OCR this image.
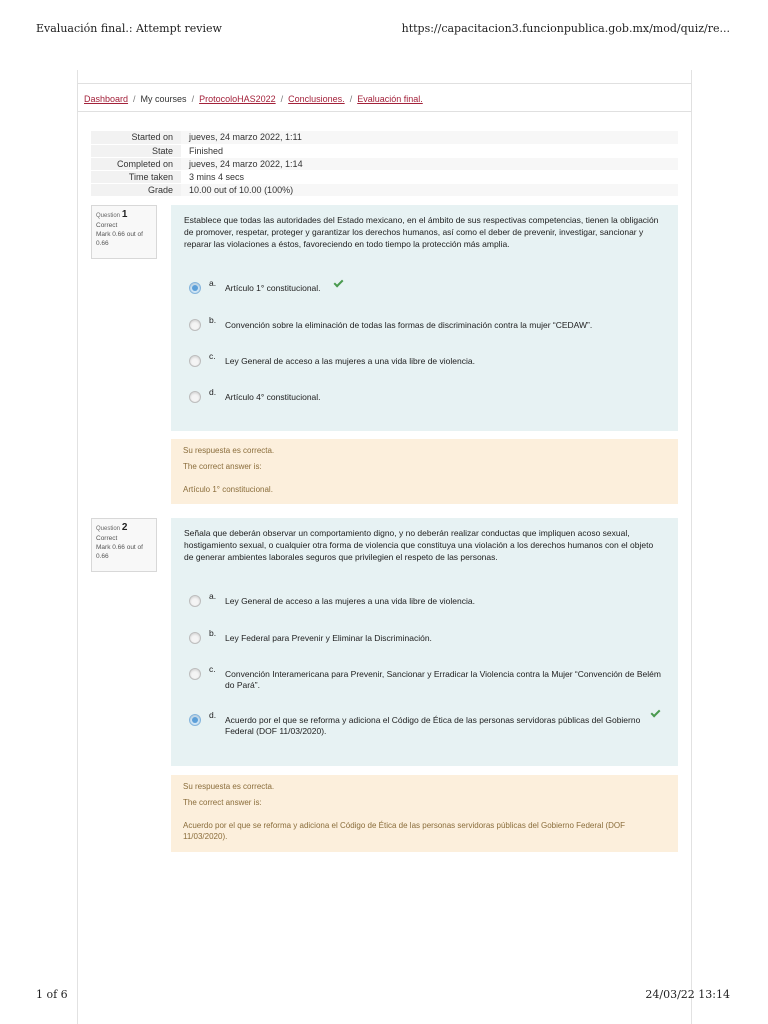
Evaluación final.: Attempt review	https://capacitacion3.funcionpublica.gob.mx/mod/quiz/re...
Dashboard / My courses / ProtocoloHAS2022 / Conclusiones. / Evaluación final.
Started on	jueves, 24 marzo 2022, 1:11
State	Finished
Completed on	jueves, 24 marzo 2022, 1:14
Time taken	3 mins 4 secs
Grade	10.00 out of 10.00 (100%)
Question 1
Correct
Mark 0.66 out of 0.66
Establece que todas las autoridades del Estado mexicano, en el ámbito de sus respectivas competencias, tienen la obligación de promover, respetar, proteger y garantizar los derechos humanos, así como el deber de prevenir, investigar, sancionar y reparar las violaciones a éstos, favoreciendo en todo tiempo la protección más amplia.
a. Artículo 1° constitucional.
b. Convención sobre la eliminación de todas las formas de discriminación contra la mujer “CEDAW”.
c. Ley General de acceso a las mujeres a una vida libre de violencia.
d. Artículo 4° constitucional.
Su respuesta es correcta.
The correct answer is:
Artículo 1° constitucional.
Question 2
Correct
Mark 0.66 out of 0.66
Señala que deberán observar un comportamiento digno, y no deberán realizar conductas que impliquen acoso sexual, hostigamiento sexual, o cualquier otra forma de violencia que constituya una violación a los derechos humanos con el objeto de generar ambientes laborales seguros que privilegien el respeto de las personas.
a. Ley General de acceso a las mujeres a una vida libre de violencia.
b. Ley Federal para Prevenir y Eliminar la Discriminación.
c. Convención Interamericana para Prevenir, Sancionar y Erradicar la Violencia contra la Mujer “Convención de Belém do Pará”.
d. Acuerdo por el que se reforma y adiciona el Código de Ética de las personas servidoras públicas del Gobierno Federal (DOF 11/03/2020).
Su respuesta es correcta.
The correct answer is:
Acuerdo por el que se reforma y adiciona el Código de Ética de las personas servidoras públicas del Gobierno Federal (DOF 11/03/2020).
1 of 6	24/03/22 13:14
